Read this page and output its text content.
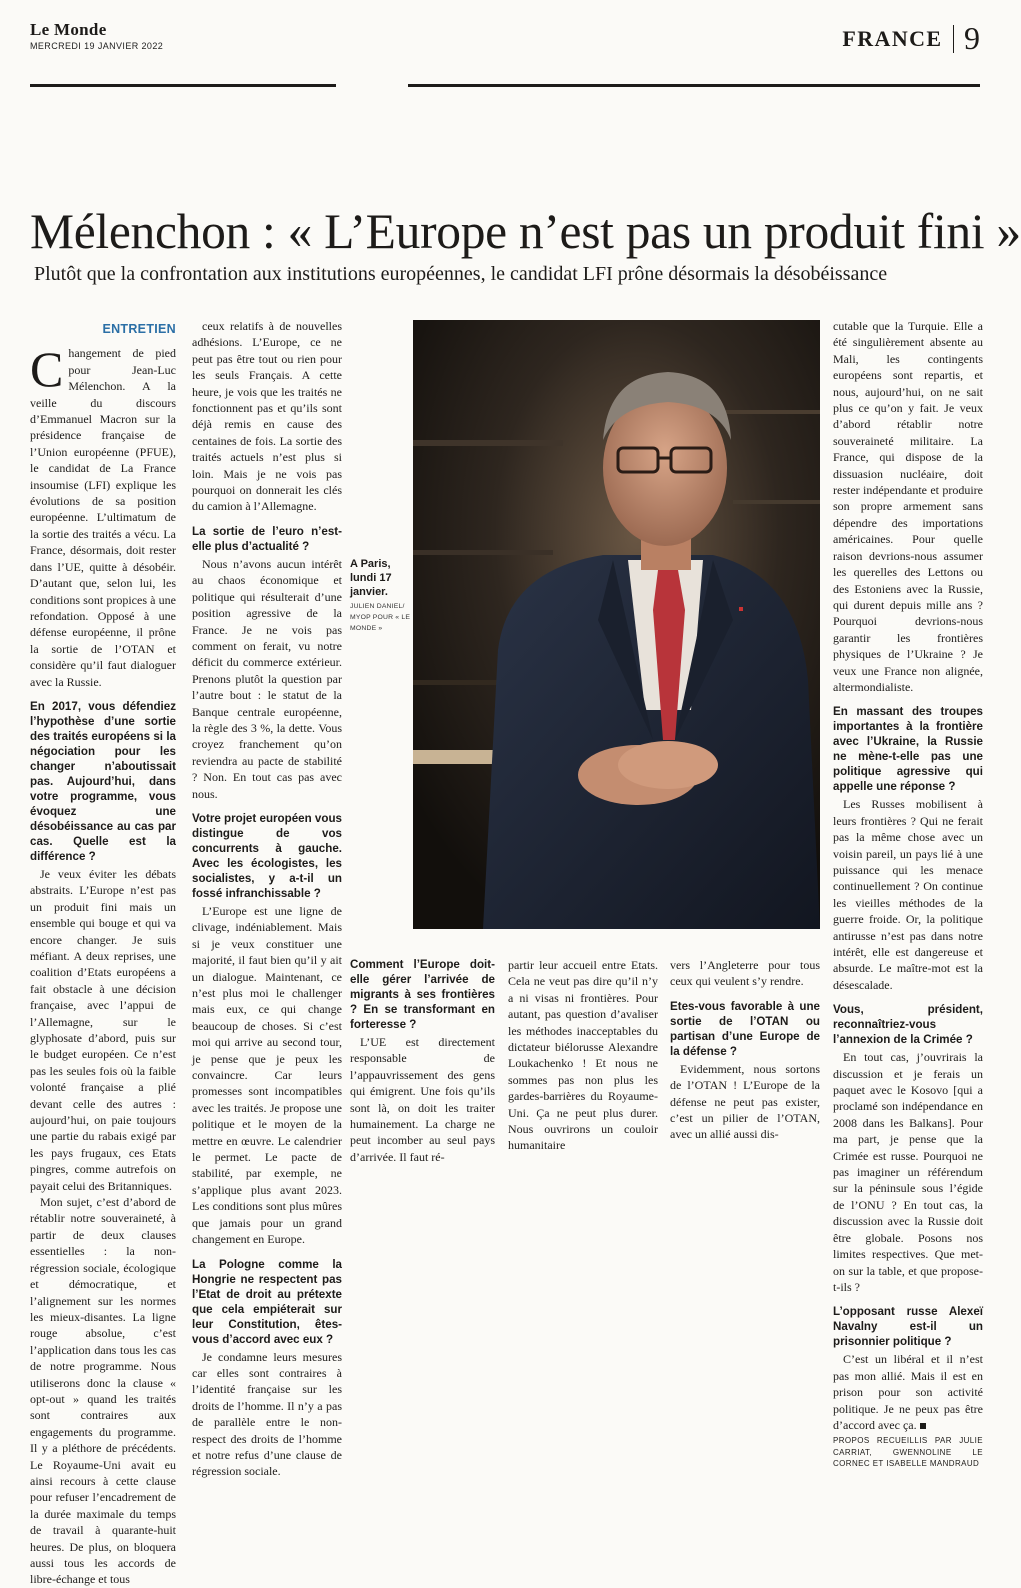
Le Monde
MERCREDI 19 JANVIER 2022	FRANCE 9
Mélenchon : « L’Europe n’est pas un produit fini »
Plutôt que la confrontation aux institutions européennes, le candidat LFI prône désormais la désobéissance
ENTRETIEN

Changement de pied pour Jean-Luc Mélenchon. A la veille du discours d’Emmanuel Macron sur la présidence française de l’Union européenne (PFUE), le candidat de La France insoumise (LFI) explique les évolutions de sa position européenne. L’ultimatum de la sortie des traités a vécu. La France, désormais, doit rester dans l’UE, quitte à désobéir. D’autant que, selon lui, les conditions sont propices à une refondation. Opposé à une défense européenne, il prône la sortie de l’OTAN et considère qu’il faut dialoguer avec la Russie.

En 2017, vous défendiez l’hypothèse d’une sortie des traités européens si la négociation pour les changer n’aboutissait pas. Aujourd’hui, dans votre programme, vous évoquez une désobéissance au cas par cas. Quelle est la différence ?

Je veux éviter les débats abstraits. L’Europe n’est pas un produit fini mais un ensemble qui bouge et qui va encore changer. Je suis méfiant. A deux reprises, une coalition d’Etats européens a fait obstacle à une décision française, avec l’appui de l’Allemagne, sur le glyphosate d’abord, puis sur le budget européen. Ce n’est pas les seules fois où la faible volonté française a plié devant celle des autres : aujourd’hui, on paie toujours une partie du rabais exigé par les pays frugaux, ces Etats pingres, comme autrefois on payait celui des Britanniques.

Mon sujet, c’est d’abord de rétablir notre souveraineté, à partir de deux clauses essentielles : la non-régression sociale, écologique et démocratique, et l’alignement sur les normes les mieux-disantes. La ligne rouge absolue, c’est l’application dans tous les cas de notre programme. Nous utiliserons donc la clause « opt-out » quand les traités sont contraires aux engagements du programme. Il y a pléthore de précédents. Le Royaume-Uni avait eu ainsi recours à cette clause pour refuser l’encadrement de la durée maximale du temps de travail à quarante-huit heures. De plus, on bloquera aussi tous les accords de libre-échange et tous

ceux relatifs à de nouvelles adhésions. L’Europe, ce ne peut pas être tout ou rien pour les seuls Français. A cette heure, je vois que les traités ne fonctionnent pas et qu’ils sont déjà remis en cause des centaines de fois. La sortie des traités actuels n’est plus si loin. Mais je ne vois pas pourquoi on donnerait les clés du camion à l’Allemagne.

La sortie de l’euro n’est-elle plus d’actualité ?

Nous n’avons aucun intérêt au chaos économique et politique qui résulterait d’une position agressive de la France. Je ne vois pas comment on ferait, vu notre déficit du commerce extérieur. Prenons plutôt la question par l’autre bout : le statut de la Banque centrale européenne, la règle des 3 %, la dette. Vous croyez franchement qu’on reviendra au pacte de stabilité ? Non. En tout cas pas avec nous.

Votre projet européen vous distingue de vos concurrents à gauche. Avec les écologistes, les socialistes, y a-t-il un fossé infranchissable ?

L’Europe est une ligne de clivage, indéniablement. Mais si je veux constituer une majorité, il faut bien qu’il y ait un dialogue. Maintenant, ce n’est plus moi le challenger mais eux, ce qui change beaucoup de choses. Si c’est moi qui arrive au second tour, je pense que je peux les convaincre. Car leurs promesses sont incompatibles avec les traités. Je propose une politique et le moyen de la mettre en œuvre. Le calendrier le permet. Le pacte de stabilité, par exemple, ne s’applique plus avant 2023. Les conditions sont plus mûres que jamais pour un grand changement en Europe.

La Pologne comme la Hongrie ne respectent pas l’Etat de droit au prétexte que cela empiéterait sur leur Constitution, êtes-vous d’accord avec eux ?

Je condamne leurs mesures car elles sont contraires à l’identité française sur les droits de l’homme. Il n’y a pas de parallèle entre le non-respect des droits de l’homme et notre refus d’une clause de régression sociale.

A Paris, lundi 17 janvier.
JULIEN DANIEL/ MYOP POUR « LE MONDE »

Comment l’Europe doit-elle gérer l’arrivée de migrants à ses frontières ? En se transformant en forteresse ?

L’UE est directement responsable de l’appauvrissement des gens qui émigrent. Une fois qu’ils sont là, on doit les traiter humainement. La charge ne peut incomber au seul pays d’arrivée. Il faut ré-

partir leur accueil entre Etats. Cela ne veut pas dire qu’il n’y a ni visas ni frontières. Pour autant, pas question d’avaliser les méthodes inacceptables du dictateur biélorusse Alexandre Loukachenko ! Et nous ne sommes pas non plus les gardes-barrières du Royaume-Uni. Ça ne peut plus durer. Nous ouvrirons un couloir humanitaire

vers l’Angleterre pour tous ceux qui veulent s’y rendre.

Etes-vous favorable à une sortie de l’OTAN ou partisan d’une Europe de la défense ?

Evidemment, nous sortons de l’OTAN ! L’Europe de la défense ne peut pas exister, c’est un pilier de l’OTAN, avec un allié aussi dis-

cutable que la Turquie. Elle a été singulièrement absente au Mali, les contingents européens sont repartis, et nous, aujourd’hui, on ne sait plus ce qu’on y fait. Je veux d’abord rétablir notre souveraineté militaire. La France, qui dispose de la dissuasion nucléaire, doit rester indépendante et produire son propre armement sans dépendre des importations américaines. Pour quelle raison devrions-nous assumer les querelles des Lettons ou des Estoniens avec la Russie, qui durent depuis mille ans ? Pourquoi devrions-nous garantir les frontières physiques de l’Ukraine ? Je veux une France non alignée, altermondialiste.

En massant des troupes importantes à la frontière avec l’Ukraine, la Russie ne mène-t-elle pas une politique agressive qui appelle une réponse ?

Les Russes mobilisent à leurs frontières ? Qui ne ferait pas la même chose avec un voisin pareil, un pays lié à une puissance qui les menace continuellement ? On continue les vieilles méthodes de la guerre froide. Or, la politique antirusse n’est pas dans notre intérêt, elle est dangereuse et absurde. Le maître-mot est la désescalade.

Vous, président, reconnaîtriez-vous l’annexion de la Crimée ?

En tout cas, j’ouvrirais la discussion et je ferais un paquet avec le Kosovo [qui a proclamé son indépendance en 2008 dans les Balkans]. Pour ma part, je pense que la Crimée est russe. Pourquoi ne pas imaginer un référendum sur la péninsule sous l’égide de l’ONU ? En tout cas, la discussion avec la Russie doit être globale. Posons nos limites respectives. Que met-on sur la table, et que propose-t-ils ?

L’opposant russe Alexeï Navalny est-il un prisonnier politique ?

C’est un libéral et il n’est pas mon allié. Mais il est en prison pour son activité politique. Je ne peux pas être d’accord avec ça.

PROPOS RECUEILLIS PAR JULIE CARRIAT, GWENNOLINE LE CORNEC ET ISABELLE MANDRAUD
